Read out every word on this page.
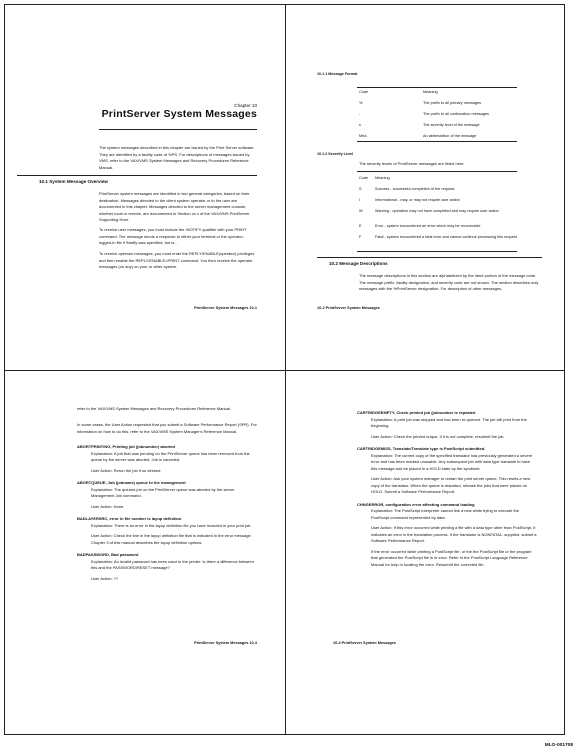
Chapter 10
PrintServer System Messages
The system messages described in this chapter are issued by the Print Server software. They are identified by a facility code of %PS. For descriptions of messages issued by VMS, refer to the VAX/VMS System Messages and Recovery Procedures Reference Manual.
10.1 System Message Overview
PrintServer system messages are identified in two general categories, based on their destination. Messages directed to the client system operator or to the user are documented in this chapter. Messages directed to the server management console, whether local or remote, are documented in Section xx.x of the VAX/VMS PrintServer Supporting Host.
To receive user messages, you must include the /NOTIFY qualifier with your PRINT command. The message sends a response to either your terminal or the operator-logged-in file if /Notify was specified, but is...
To receive operator messages, you must enter the REPLY/ENABLE(operator) privileges and then enable the REPLY/ENABLE=PRINT command. You then receive the operator messages (on any) on your or other system.
PrintServer System Messages 10-1
10.1.1 Message Format
Code	Meaning

%	The prefix to all primary messages
-	The prefix to all continuation messages
s	The severity level of the message
Mnd.	An abbreviation of the message
10.1.2 Severity Level
The severity levels of PrintServer messages are listed here.
Code	Meaning

S	Success - successful completion of the request.
I	Informational - may, or may not require user action
W	Warning - operation may not have completed and may require user action
E	Error - system encountered an error which may be recoverable
F	Fatal - system encountered a fatal error and cannot continue processing this request.
10.2 Message Descriptions
The message descriptions in this section are alphabetized by the ident portion of the message code. The message prefix, facility designation, and severity code are not shown. The section describes only messages with the %PrintServer designation. For description of other messages,
10-2 PrintServer System Messages
refer to the VAX/VMS System Messages and Recovery Procedures Reference Manual.
In some cases, the User Action requested that you submit a Software Performance Report (SPR). For information on how to do this, refer to the VAX/VMS System Manager's Reference Manual.
ABORTPRINTING, Printing job (jobnumber) aborted
Explanation: A job that was pending on the PrintServer queue has been removed from the queue by the server was aborted. Job is canceled.
User Action: Rerun the job if so desired.
ABORTQUEUE, Job (jobname) queue to the management
Explanation: The queued job on the PrintServer queue was aborted by the server Management Job command.
User Action: None.
BADLAYERSRC, error in file number is layup definition
Explanation: There is an error in the layup definition file you have included in your print job.
User Action: Check the line in the layup definition file that is indicated in the error message. Chapter 3 of this manual describes the layup definition options.
BADPASSWORD, Bad password
Explanation: An invalid password has been used to the printer. Is there a difference between this and the PASSWORD/RESET message?
User Action: ??
PrintServer System Messages 10-3
CARTRIDGEEMPTY, Check printed job (jobnumber is repeated
Explanation: A print job was stopped and has been re-queued. The job will print from the beginning.
User Action: Check the printed output. If it is not complete, resubmit the job.
CARTRIDGEMISS, Translate/Translate type is PostScript submitted.
Explanation: The current copy of the specified translator has previously generated a severe error and has been marked unusable. Any subsequent job with data type translate to have this message and be placed in a HOLD state by the symbiont.
User Action: Ask your system manager to restart the print server queue. This resets a new copy of the translator. When the queue is restarted, release the jobs that were placed on HOLD. Submit a Software Performance Report.
CHNGERROR, configuration error affecting command loading
Explanation: The PostScript interpreter cannot link a new while trying to execute the PostScript command represented by data.
User Action: If this error occurred while printing a file with a data type other than PostScript, it indicates an error in the translation process. If the translator is NONFATAL, supplied, submit a Software Performance Report.
If the error occurred while printing a PostScript file, or the the PostScript file or the program that generated the PostScript file is in error. Refer to the PostScript Language Reference Manual for help in locating the error. Resubmit the corrected file.
10-4 PrintServer System Messages
MLO-001708
